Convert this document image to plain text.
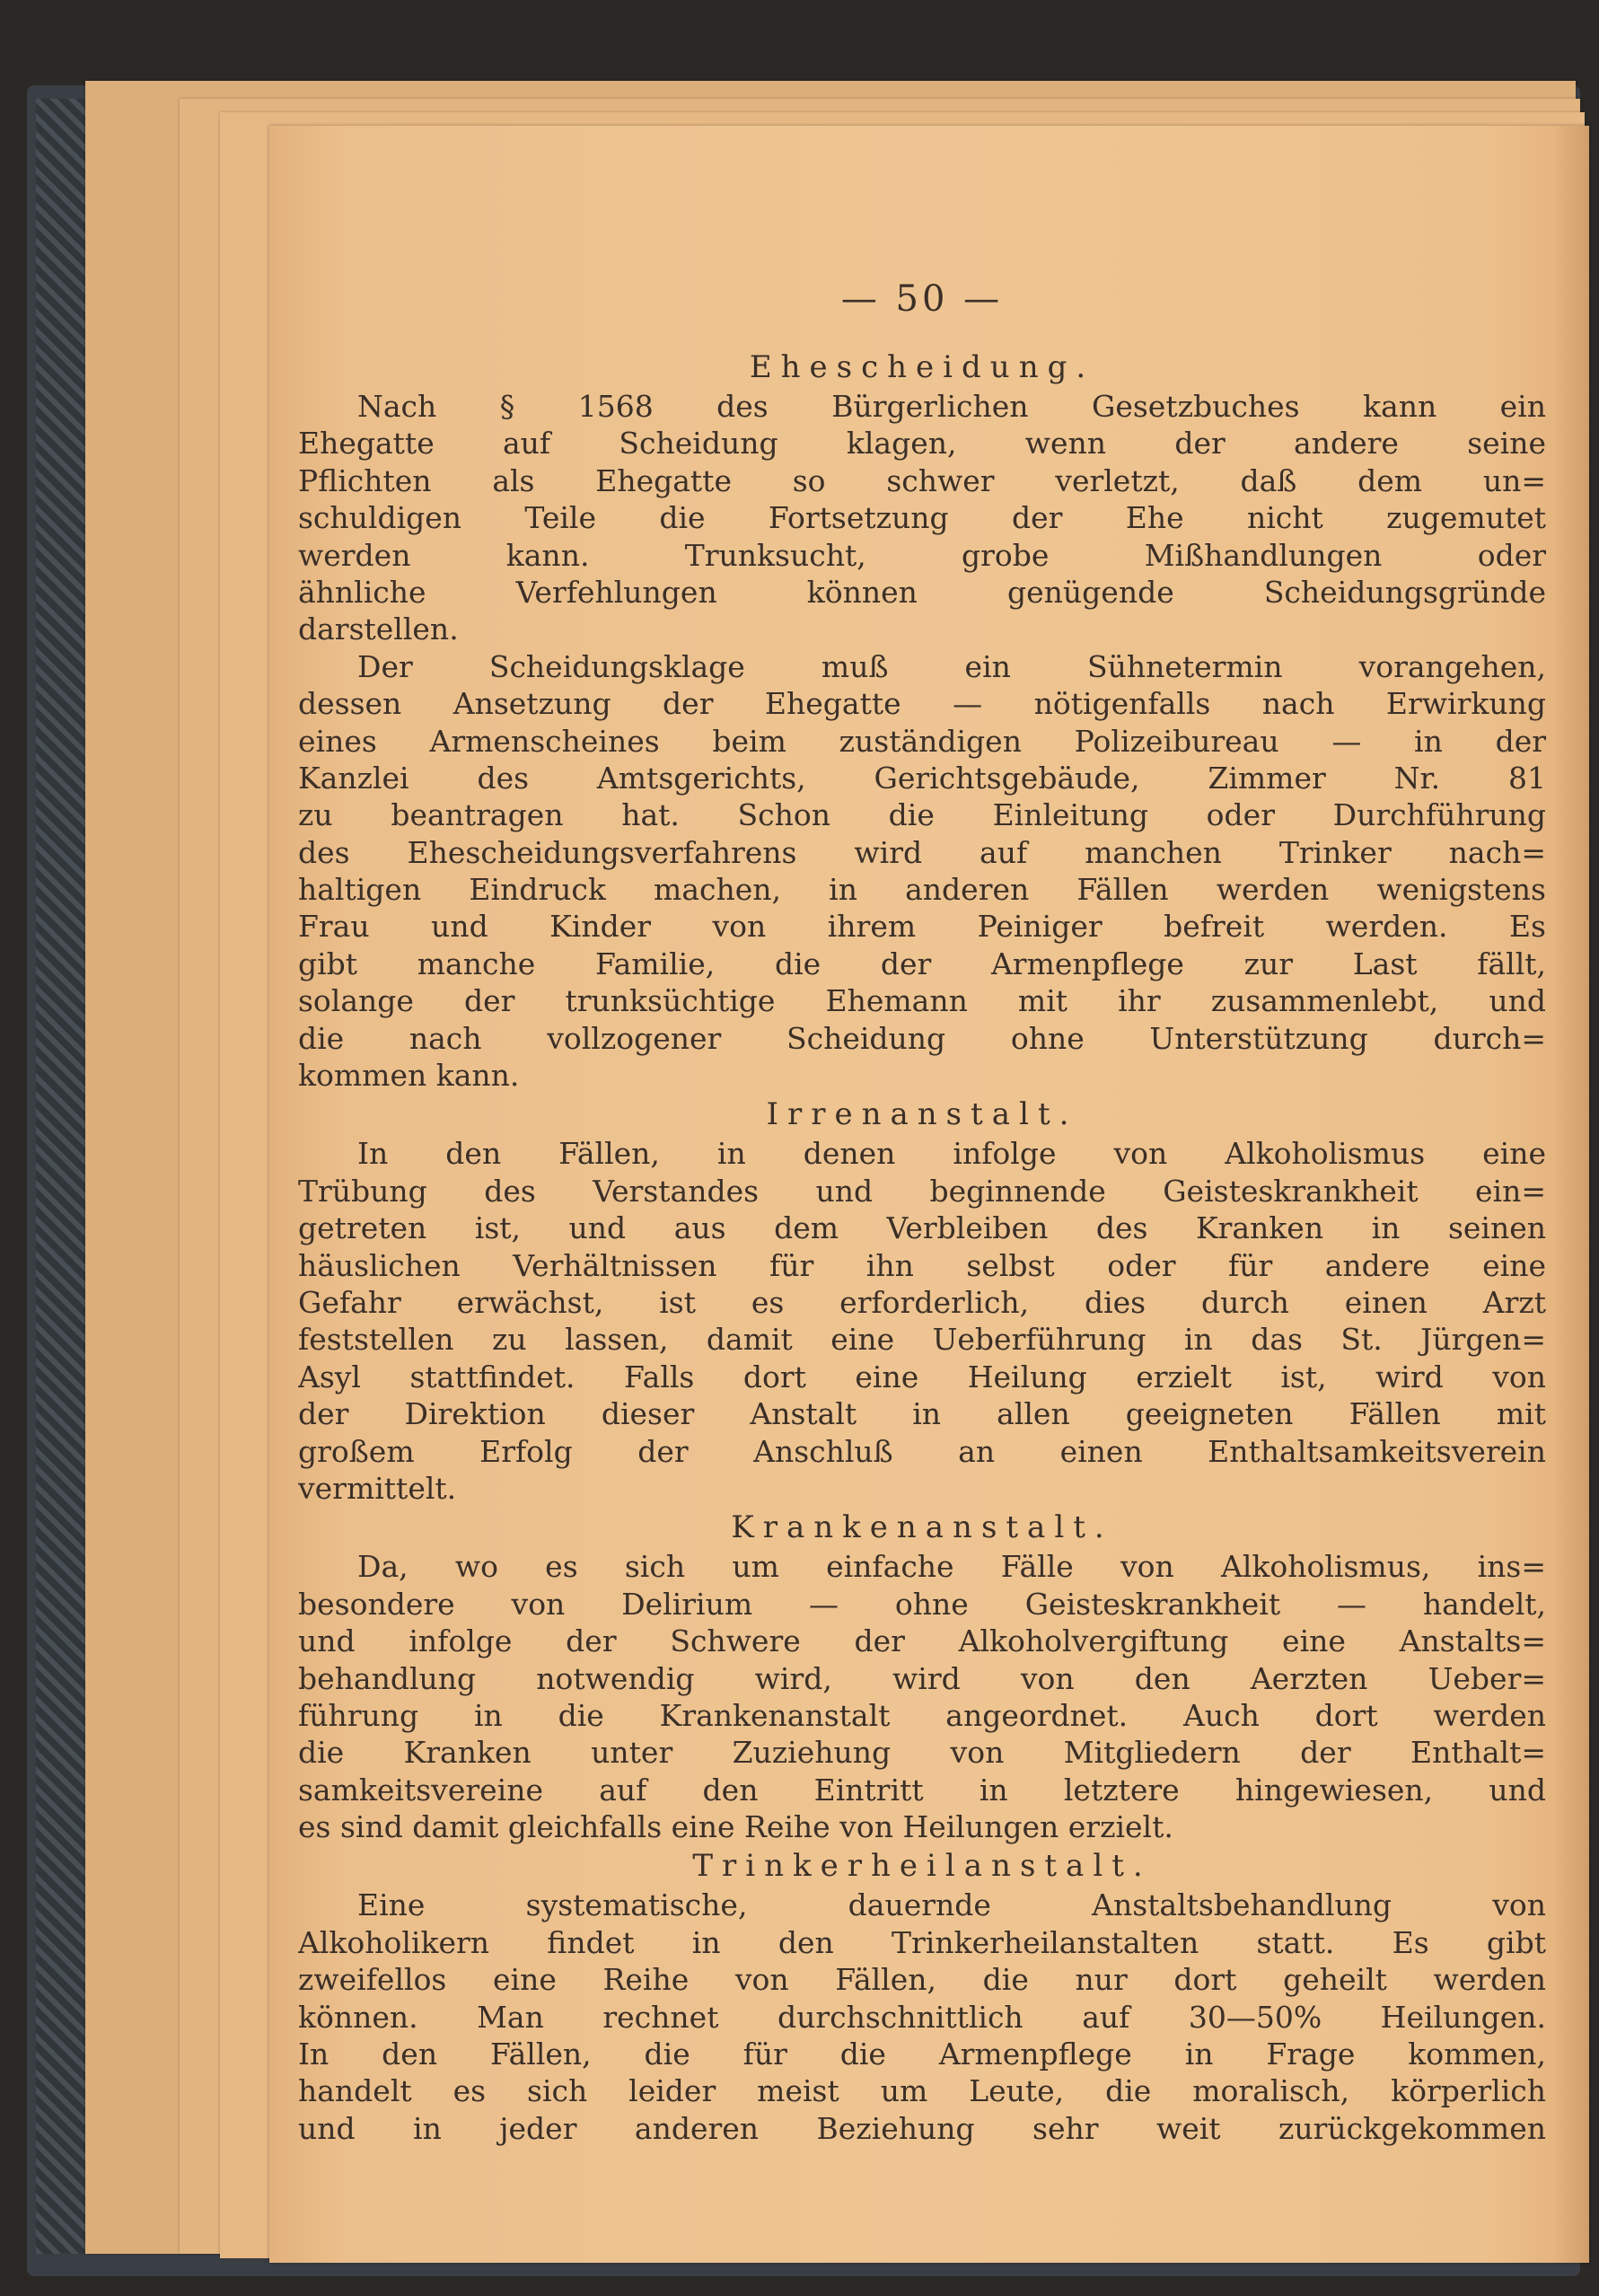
— 50 —
Ehescheidung.
Nach § 1568 des Bürgerlichen Gesetzbuches kann ein
Ehegatte auf Scheidung klagen, wenn der andere seine
Pflichten als Ehegatte so schwer verletzt, daß dem un=
schuldigen Teile die Fortsetzung der Ehe nicht zugemutet
werden kann. Trunksucht, grobe Mißhandlungen oder
ähnliche Verfehlungen können genügende Scheidungsgründe
darstellen.
Der Scheidungsklage muß ein Sühnetermin vorangehen,
dessen Ansetzung der Ehegatte — nötigenfalls nach Erwirkung
eines Armenscheines beim zuständigen Polizeibureau — in der
Kanzlei des Amtsgerichts, Gerichtsgebäude, Zimmer Nr. 81
zu beantragen hat. Schon die Einleitung oder Durchführung
des Ehescheidungsverfahrens wird auf manchen Trinker nach=
haltigen Eindruck machen, in anderen Fällen werden wenigstens
Frau und Kinder von ihrem Peiniger befreit werden. Es
gibt manche Familie, die der Armenpflege zur Last fällt,
solange der trunksüchtige Ehemann mit ihr zusammenlebt, und
die nach vollzogener Scheidung ohne Unterstützung durch=
kommen kann.
Irrenanstalt.
In den Fällen, in denen infolge von Alkoholismus eine
Trübung des Verstandes und beginnende Geisteskrankheit ein=
getreten ist, und aus dem Verbleiben des Kranken in seinen
häuslichen Verhältnissen für ihn selbst oder für andere eine
Gefahr erwächst, ist es erforderlich, dies durch einen Arzt
feststellen zu lassen, damit eine Ueberführung in das St. Jürgen=
Asyl stattfindet. Falls dort eine Heilung erzielt ist, wird von
der Direktion dieser Anstalt in allen geeigneten Fällen mit
großem Erfolg der Anschluß an einen Enthaltsamkeitsverein
vermittelt.
Krankenanstalt.
Da, wo es sich um einfache Fälle von Alkoholismus, ins=
besondere von Delirium — ohne Geisteskrankheit — handelt,
und infolge der Schwere der Alkoholvergiftung eine Anstalts=
behandlung notwendig wird, wird von den Aerzten Ueber=
führung in die Krankenanstalt angeordnet. Auch dort werden
die Kranken unter Zuziehung von Mitgliedern der Enthalt=
samkeitsvereine auf den Eintritt in letztere hingewiesen, und
es sind damit gleichfalls eine Reihe von Heilungen erzielt.
Trinkerheilanstalt.
Eine systematische, dauernde Anstaltsbehandlung von
Alkoholikern findet in den Trinkerheilanstalten statt. Es gibt
zweifellos eine Reihe von Fällen, die nur dort geheilt werden
können. Man rechnet durchschnittlich auf 30—50% Heilungen.
In den Fällen, die für die Armenpflege in Frage kommen,
handelt es sich leider meist um Leute, die moralisch, körperlich
und in jeder anderen Beziehung sehr weit zurückgekommen
